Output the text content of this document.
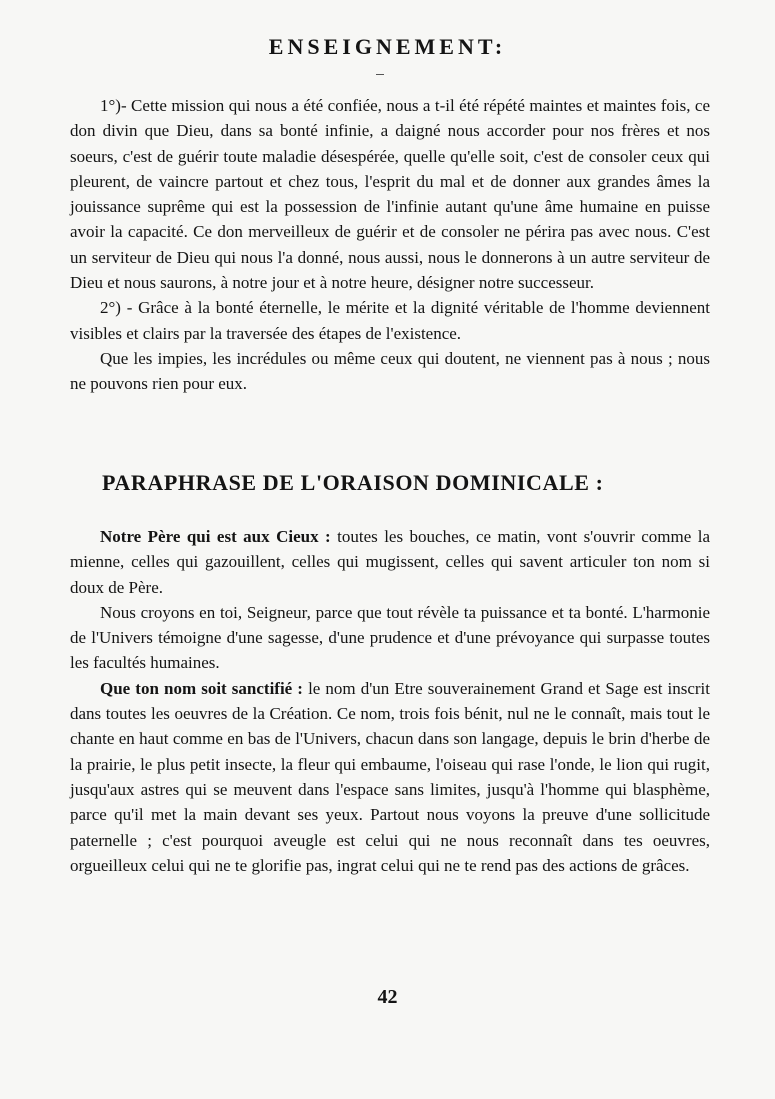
ENSEIGNEMENT:

1°)- Cette mission qui nous a été confiée, nous a t-il été répété maintes et maintes fois, ce don divin que Dieu, dans sa bonté infinie, a daigné nous accorder pour nos frères et nos soeurs, c'est de guérir toute maladie désespérée, quelle qu'elle soit, c'est de consoler ceux qui pleurent, de vaincre partout et chez tous, l'esprit du mal et de donner aux grandes âmes la jouissance suprême qui est la possession de l'infinie autant qu'une âme humaine en puisse avoir la capacité. Ce don merveilleux de guérir et de consoler ne périra pas avec nous. C'est un serviteur de Dieu qui nous l'a donné, nous aussi, nous le donnerons à un autre serviteur de Dieu et nous saurons, à notre jour et à notre heure, désigner notre successeur.

2°) - Grâce à la bonté éternelle, le mérite et la dignité véritable de l'homme deviennent visibles et clairs par la traversée des étapes de l'existence.

Que les impies, les incrédules ou même ceux qui doutent, ne viennent pas à nous ; nous ne pouvons rien pour eux.

PARAPHRASE DE L'ORAISON DOMINICALE :

Notre Père qui est aux Cieux : toutes les bouches, ce matin, vont s'ouvrir comme la mienne, celles qui gazouillent, celles qui mugissent, celles qui savent articuler ton nom si doux de Père.

Nous croyons en toi, Seigneur, parce que tout révèle ta puissance et ta bonté. L'harmonie de l'Univers témoigne d'une sagesse, d'une prudence et d'une prévoyance qui surpasse toutes les facultés humaines.

Que ton nom soit sanctifié : le nom d'un Etre souverainement Grand et Sage est inscrit dans toutes les oeuvres de la Création. Ce nom, trois fois bénit, nul ne le connaît, mais tout le chante en haut comme en bas de l'Univers, chacun dans son langage, depuis le brin d'herbe de la prairie, le plus petit insecte, la fleur qui embaume, l'oiseau qui rase l'onde, le lion qui rugit, jusqu'aux astres qui se meuvent dans l'espace sans limites, jusqu'à l'homme qui blasphème, parce qu'il met la main devant ses yeux. Partout nous voyons la preuve d'une sollicitude paternelle ; c'est pourquoi aveugle est celui qui ne nous reconnaît dans tes oeuvres, orgueilleux celui qui ne te glorifie pas, ingrat celui qui ne te rend pas des actions de grâces.

42
